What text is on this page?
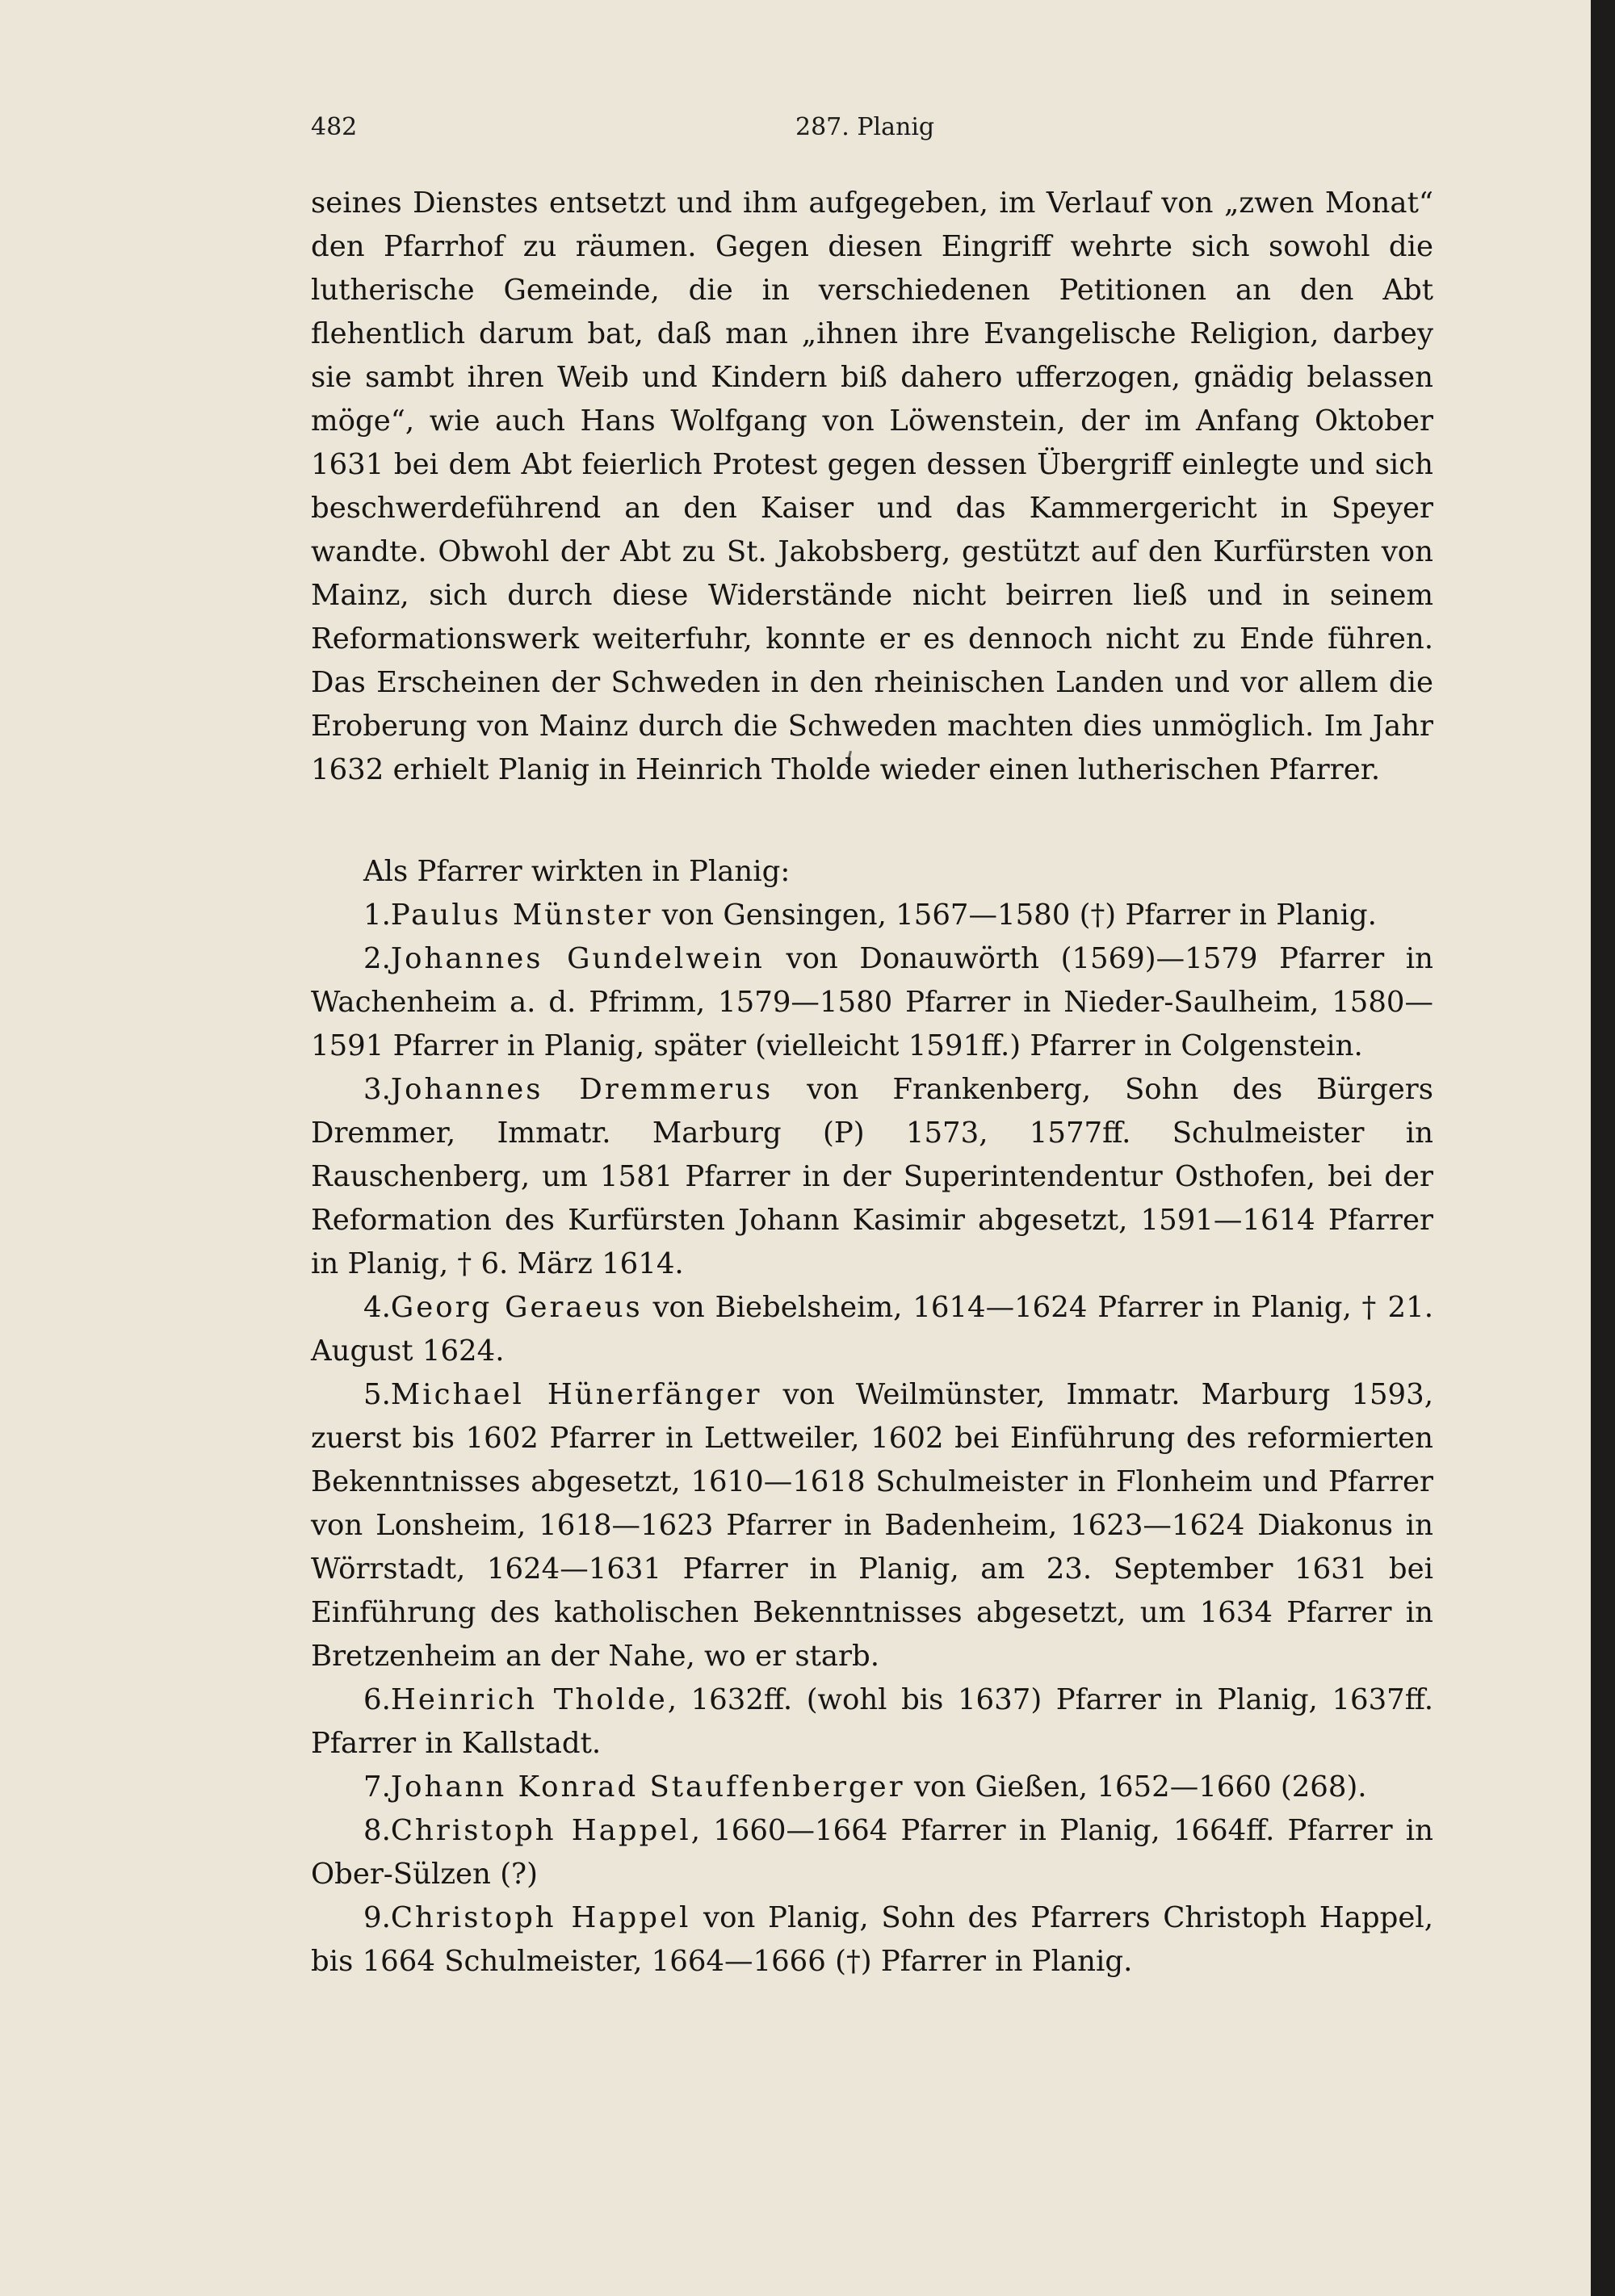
482	287. Planig

seines Dienstes entsetzt und ihm aufgegeben, im Verlauf von „zwen Monat“ den Pfarrhof zu räumen. Gegen diesen Eingriff wehrte sich sowohl die lutherische Gemeinde, die in verschiedenen Petitionen an den Abt flehentlich darum bat, daß man „ihnen ihre Evangelische Religion, darbey sie sambt ihren Weib und Kindern biß dahero ufferzogen, gnädig belassen möge“, wie auch Hans Wolfgang von Löwenstein, der im Anfang Oktober 1631 bei dem Abt feierlich Protest gegen dessen Übergriff einlegte und sich beschwerdeführend an den Kaiser und das Kammergericht in Speyer wandte. Obwohl der Abt zu St. Jakobsberg, gestützt auf den Kurfürsten von Mainz, sich durch diese Widerstände nicht beirren ließ und in seinem Reformationswerk weiterfuhr, konnte er es dennoch nicht zu Ende führen. Das Erscheinen der Schweden in den rheinischen Landen und vor allem die Eroberung von Mainz durch die Schweden machten dies unmöglich. Im Jahr 1632 erhielt Planig in Heinrich Tholde wieder einen lutherischen Pfarrer.

Als Pfarrer wirkten in Planig:

1.Paulus Münster von Gensingen, 1567—1580 (†) Pfarrer in Planig.

2.Johannes Gundelwein von Donauwörth (1569)—1579 Pfarrer in Wachenheim a. d. Pfrimm, 1579—1580 Pfarrer in Nieder-Saulheim, 1580—1591 Pfarrer in Planig, später (vielleicht 1591ff.) Pfarrer in Colgenstein.

3.Johannes Dremmerus von Frankenberg, Sohn des Bürgers Dremmer, Immatr. Marburg (P) 1573, 1577ff. Schulmeister in Rauschenberg, um 1581 Pfarrer in der Superintendentur Osthofen, bei der Reformation des Kurfürsten Johann Kasimir abgesetzt, 1591—1614 Pfarrer in Planig, † 6. März 1614.

4.Georg Geraeus von Biebelsheim, 1614—1624 Pfarrer in Planig, † 21. August 1624.

5.Michael Hünerfänger von Weilmünster, Immatr. Marburg 1593, zuerst bis 1602 Pfarrer in Lettweiler, 1602 bei Einführung des reformierten Bekenntnisses abgesetzt, 1610—1618 Schulmeister in Flonheim und Pfarrer von Lonsheim, 1618—1623 Pfarrer in Badenheim, 1623—1624 Diakonus in Wörrstadt, 1624—1631 Pfarrer in Planig, am 23. September 1631 bei Einführung des katholischen Bekenntnisses abgesetzt, um 1634 Pfarrer in Bretzenheim an der Nahe, wo er starb.

6.Heinrich Tholde, 1632ff. (wohl bis 1637) Pfarrer in Planig, 1637ff. Pfarrer in Kallstadt.

7.Johann Konrad Stauffenberger von Gießen, 1652—1660 (268).

8.Christoph Happel, 1660—1664 Pfarrer in Planig, 1664ff. Pfarrer in Ober-Sülzen (?)

9.Christoph Happel von Planig, Sohn des Pfarrers Christoph Happel, bis 1664 Schulmeister, 1664—1666 (†) Pfarrer in Planig.
